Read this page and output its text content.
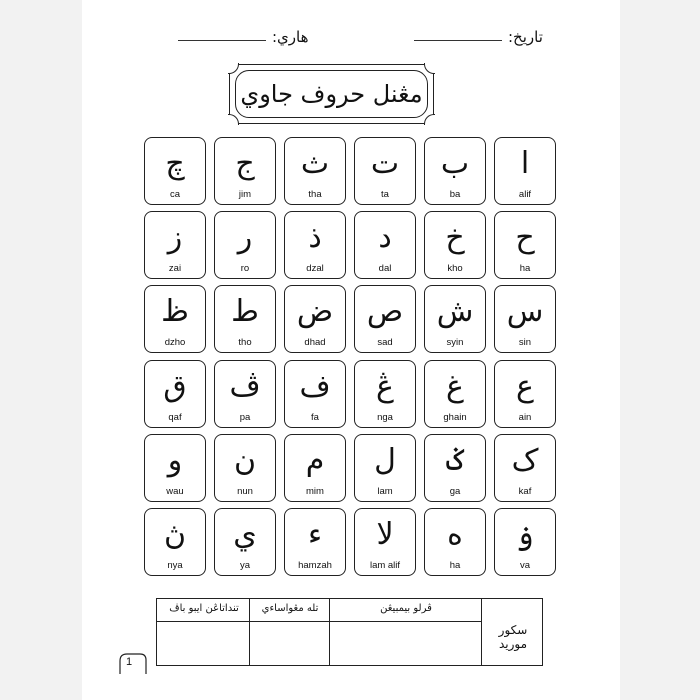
تاريخ:
هاري:
مڠنل حروف جاوي
ا
alif
ب
ba
ت
ta
ث
tha
ج
jim
چ
ca
ح
ha
خ
kho
د
dal
ذ
dzal
ر
ro
ز
zai
س
sin
ش
syin
ص
sad
ض
dhad
ط
tho
ظ
dzho
ع
ain
غ
ghain
ڠ
nga
ف
fa
ڤ
pa
ق
qaf
ک
kaf
ݢ
ga
ل
lam
م
mim
ن
nun
و
wau
ۏ
va
ه
ha
لا
lam alif
ء
hamzah
ي
ya
ڽ
nya
تنداتاڠن ايبو باڤ	تله مڠواساءي	ڤرلو بيمبيڠن
سکور موريد
1
